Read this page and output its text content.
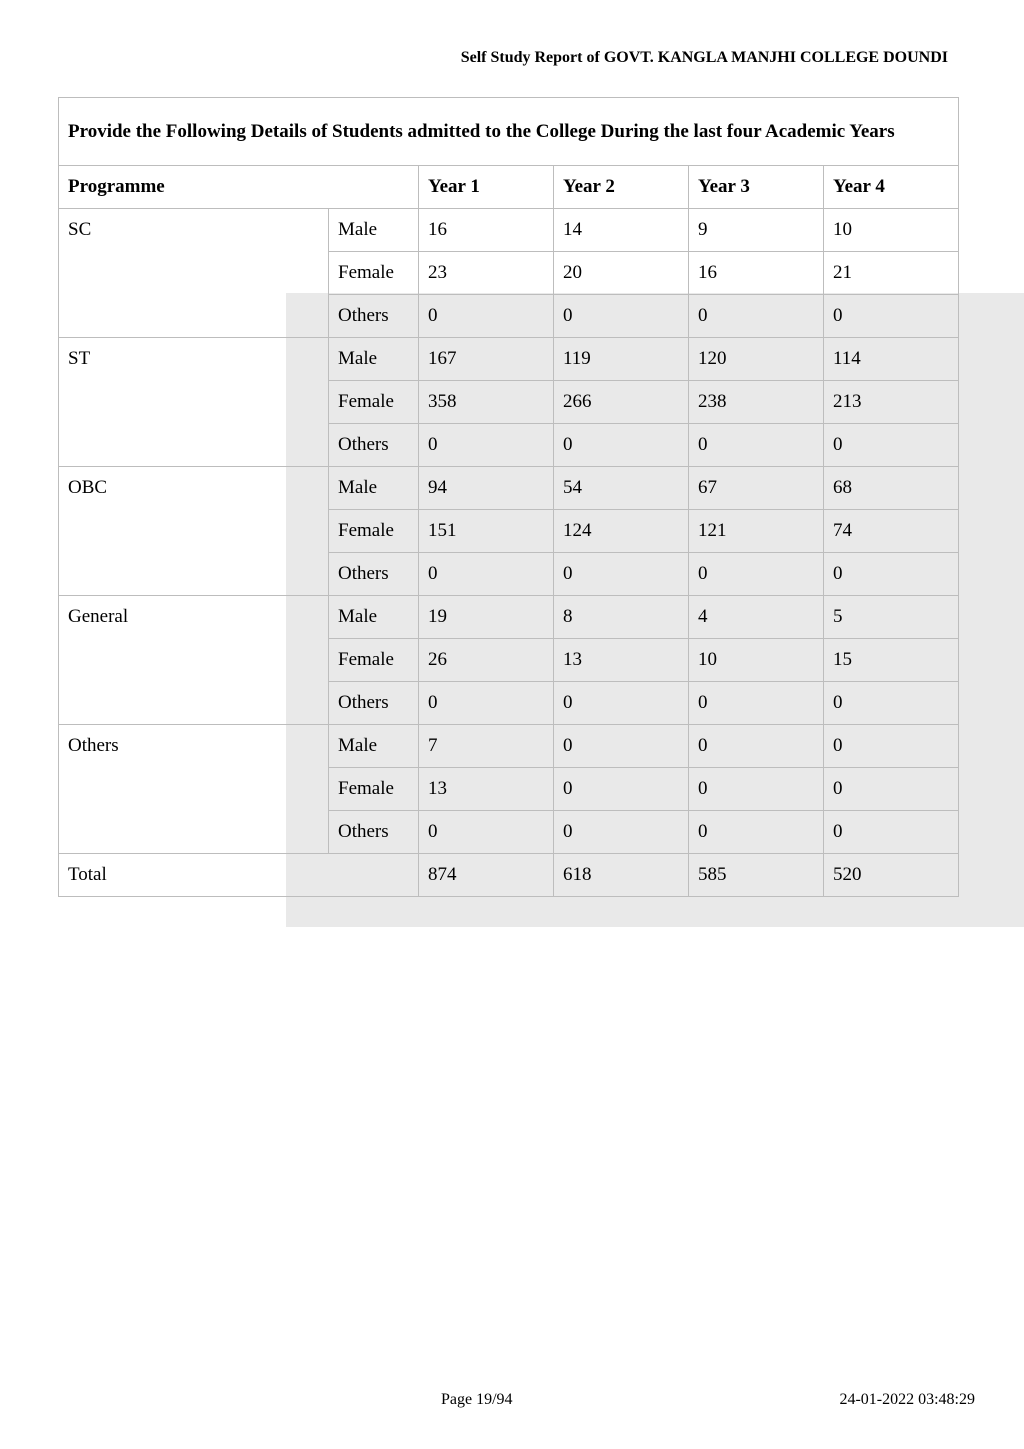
Self Study Report of GOVT. KANGLA MANJHI COLLEGE DOUNDI
Provide the Following Details of Students admitted to the College During the last four Academic Years					
Programme		Year 1	Year 2	Year 3	Year 4
SC	Male	16	14	9	10
	Female	23	20	16	21
	Others	0	0	0	0
ST	Male	167	119	120	114
	Female	358	266	238	213
	Others	0	0	0	0
OBC	Male	94	54	67	68
	Female	151	124	121	74
	Others	0	0	0	0
General	Male	19	8	4	5
	Female	26	13	10	15
	Others	0	0	0	0
Others	Male	7	0	0	0
	Female	13	0	0	0
	Others	0	0	0	0
Total		874	618	585	520
Page 19/94	24-01-2022 03:48:29
